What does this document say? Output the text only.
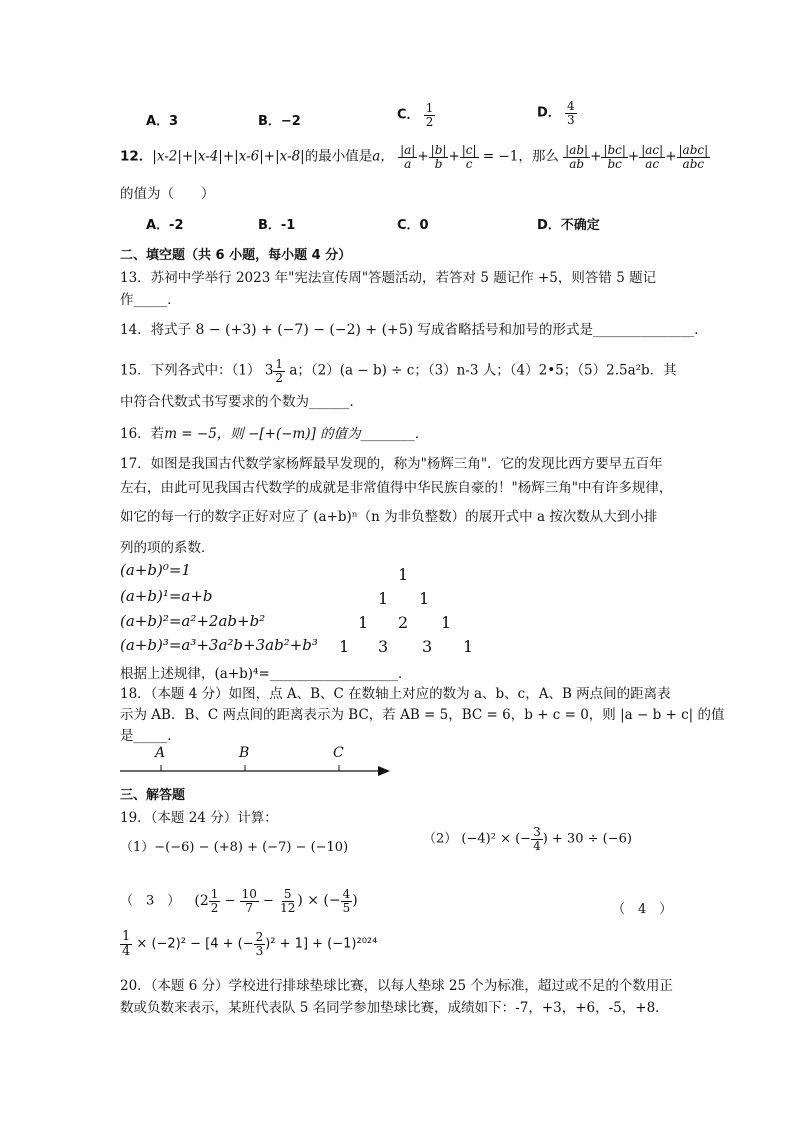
A．3	B．−2	C． $\frac{1}{2}$	D． $\frac{4}{3}$
12．|x-2|+|x-4|+|x-6|+|x-8|的最小值是a， $\frac{|a|}{a} + \frac{|b|}{b} + \frac{|c|}{c} = -1$，那么 $\frac{|ab|}{ab} + \frac{|bc|}{bc} + \frac{|ac|}{ac} + \frac{\text{|abc|}}{\text{abc}}$
的值为（　　）
A．-2	B．-1	C．0	D．不确定
二、填空题（共 6 小题，每小题 4 分）
13．苏祠中学举行 2023 年"宪法宣传周"答题活动，若答对 5 题记作 +5，则答错 5 题记
作_____．
14．将式子 8 − (+3) + (−7) − (−2) + (+5) 写成省略括号和加号的形式是_______________．
15．下列各式中：（1） $3 \frac{1}{2}$ a；（2）(a − b) ÷ c；（3）n-3 人；（4）2•5；（5）2.5a²b．其
中符合代数式书写要求的个数为______．
16．若m = −5，则 −[+(−m)] 的值为________．
17．如图是我国古代数学家杨辉最早发现的，称为"杨辉三角"．它的发现比西方要早五百年
左右，由此可见我国古代数学的成就是非常值得中华民族自豪的！"杨辉三角"中有许多规律，
如它的每一行的数字正好对应了 (a+b)ⁿ（n 为非负整数）的展开式中 a 按次数从大到小排
列的项的系数．
(a+b)⁰=1
(a+b)¹=a+b
(a+b)²=a²+2ab+b²
(a+b)³=a³+3a²b+3ab²+b³
1
1 1
1 2 1
1 3 3 1
根据上述规律，(a+b)⁴=___________________．
18．（本题 4 分）如图，点 A、B、C 在数轴上对应的数为 a、b、c，A、B 两点间的距离表
示为 AB．B、C 两点间的距离表示为 BC，若 AB = 5，BC = 6，b + c = 0，则 |a − b + c| 的值
是_____．
A	B	C
三、解答题
19．（本题 24 分）计算：
（1）−(−6) − (+8) + (−7) − (−10)
（2） (−4)² × (− $\frac{3}{4}$ ) + 30 ÷ (−6)
（　3　） ($2 \frac{1}{2} - \frac{10}{7} - \frac{5}{12}$ ) × (− $\frac{4}{5}$ )
（　4　）
$\frac{1}{4} \times (-2)^2 - [4$ + (− $\frac{2}{3} )^2 + 1] + (-1)^{2024}$
20．（本题 6 分）学校进行排球垫球比赛，以每人垫球 25 个为标准，超过或不足的个数用正
数或负数来表示，某班代表队 5 名同学参加垫球比赛，成绩如下：-7，+3，+6，-5，+8．
